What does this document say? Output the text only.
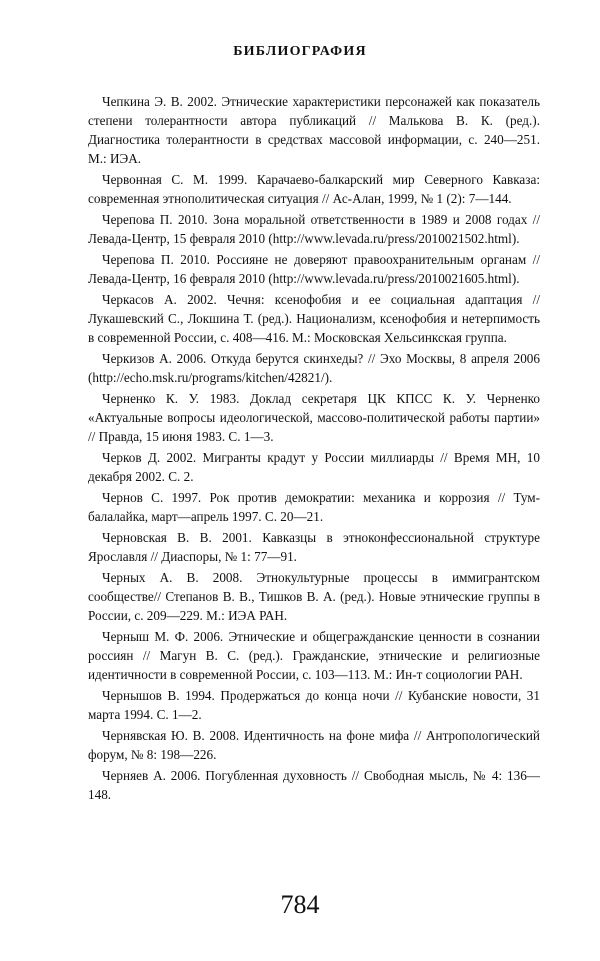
БИБЛИОГРАФИЯ

Чепкина Э. В. 2002. Этнические характеристики персонажей как показатель степени толерантности автора публикаций // Малькова В. К. (ред.). Диагностика толерантности в средствах массовой информации, с. 240—251. М.: ИЭА.

Червонная С. М. 1999. Карачаево-балкарский мир Северного Кавказа: современная этнополитическая ситуация // Ас-Алан, 1999, № 1 (2): 7—144.

Черепова П. 2010. Зона моральной ответственности в 1989 и 2008 годах // Левада-Центр, 15 февраля 2010 (http://www.levada.ru/press/2010021502.html).

Черепова П. 2010. Россияне не доверяют правоохранительным органам // Левада-Центр, 16 февраля 2010 (http://www.levada.ru/press/2010021605.html).

Черкасов А. 2002. Чечня: ксенофобия и ее социальная адаптация // Лукашевский С., Локшина Т. (ред.). Национализм, ксенофобия и нетерпимость в современной России, с. 408—416. М.: Московская Хельсинкская группа.

Черкизов А. 2006. Откуда берутся скинхеды? // Эхо Москвы, 8 апреля 2006 (http://echo.msk.ru/programs/kitchen/42821/).

Черненко К. У. 1983. Доклад секретаря ЦК КПСС К. У. Черненко «Актуальные вопросы идеологической, массово-политической работы партии» // Правда, 15 июня 1983. С. 1—3.

Черков Д. 2002. Мигранты крадут у России миллиарды // Время МН, 10 декабря 2002. С. 2.

Чернов С. 1997. Рок против демократии: механика и коррозия // Тум-балалайка, март—апрель 1997. С. 20—21.

Черновская В. В. 2001. Кавказцы в этноконфессиональной структуре Ярославля // Диаспоры, № 1: 77—91.

Черных А. В. 2008. Этнокультурные процессы в иммигрантском сообществе// Степанов В. В., Тишков В. А. (ред.). Новые этнические группы в России, с. 209—229. М.: ИЭА РАН.

Черныш М. Ф. 2006. Этнические и общегражданские ценности в сознании россиян // Магун В. С. (ред.). Гражданские, этнические и религиозные идентичности в современной России, с. 103—113. М.: Ин-т социологии РАН.

Чернышов В. 1994. Продержаться до конца ночи // Кубанские новости, 31 марта 1994. С. 1—2.

Чернявская Ю. В. 2008. Идентичность на фоне мифа // Антропологический форум, № 8: 198—226.

Черняев А. 2006. Погубленная духовность // Свободная мысль, № 4: 136—148.

784
